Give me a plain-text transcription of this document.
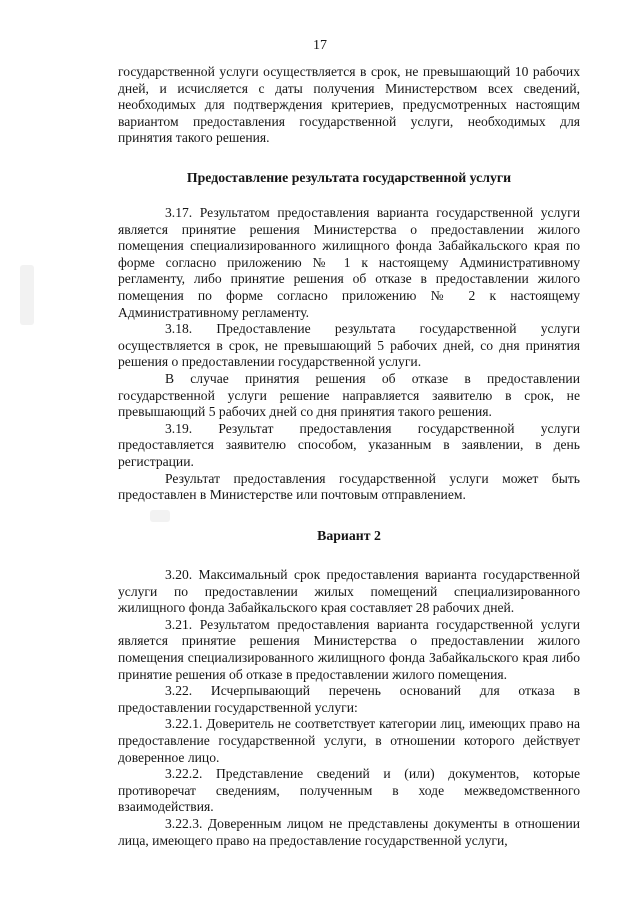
17

государственной услуги осуществляется в срок, не превышающий 10 рабочих дней, и исчисляется с даты получения Министерством всех сведений, необходимых для подтверждения критериев, предусмотренных настоящим вариантом предоставления государственной услуги, необходимых для принятия такого решения.

Предоставление результата государственной услуги

3.17. Результатом предоставления варианта государственной услуги является принятие решения Министерства о предоставлении жилого помещения специализированного жилищного фонда Забайкальского края по форме согласно приложению № 1 к настоящему Административному регламенту, либо принятие решения об отказе в предоставлении жилого помещения по форме согласно приложению № 2 к настоящему Административному регламенту.

3.18. Предоставление результата государственной услуги осуществляется в срок, не превышающий 5 рабочих дней, со дня принятия решения о предоставлении государственной услуги.

В случае принятия решения об отказе в предоставлении государственной услуги решение направляется заявителю в срок, не превышающий 5 рабочих дней со дня принятия такого решения.

3.19. Результат предоставления государственной услуги предоставляется заявителю способом, указанным в заявлении, в день регистрации.

Результат предоставления государственной услуги может быть предоставлен в Министерстве или почтовым отправлением.

Вариант 2

3.20. Максимальный срок предоставления варианта государственной услуги по предоставлении жилых помещений специализированного жилищного фонда Забайкальского края составляет 28 рабочих дней.

3.21. Результатом предоставления варианта государственной услуги является принятие решения Министерства о предоставлении жилого помещения специализированного жилищного фонда Забайкальского края либо принятие решения об отказе в предоставлении жилого помещения.

3.22. Исчерпывающий перечень оснований для отказа в предоставлении государственной услуги:

3.22.1. Доверитель не соответствует категории лиц, имеющих право на предоставление государственной услуги, в отношении которого действует доверенное лицо.

3.22.2. Представление сведений и (или) документов, которые противоречат сведениям, полученным в ходе межведомственного взаимодействия.

3.22.3. Доверенным лицом не представлены документы в отношении лица, имеющего право на предоставление государственной услуги,
